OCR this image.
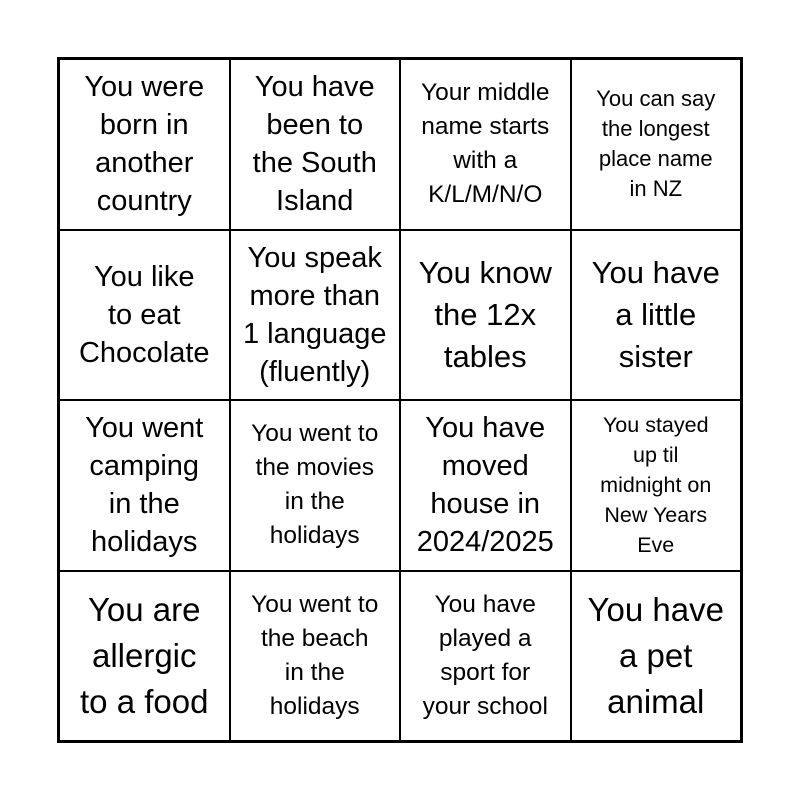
You were
born in
another
country
You have
been to
the South
Island
Your middle
name starts
with a
K/L/M/N/O
You can say
the longest
place name
in NZ
You like
to eat
Chocolate
You speak
more than
1 language
(fluently)
You know
the 12x
tables
You have
a little
sister
You went
camping
in the
holidays
You went to
the movies
in the
holidays
You have
moved
house in
2024/2025
You stayed
up til
midnight on
New Years
Eve
You are
allergic
to a food
You went to
the beach
in the
holidays
You have
played a
sport for
your school
You have
a pet
animal
